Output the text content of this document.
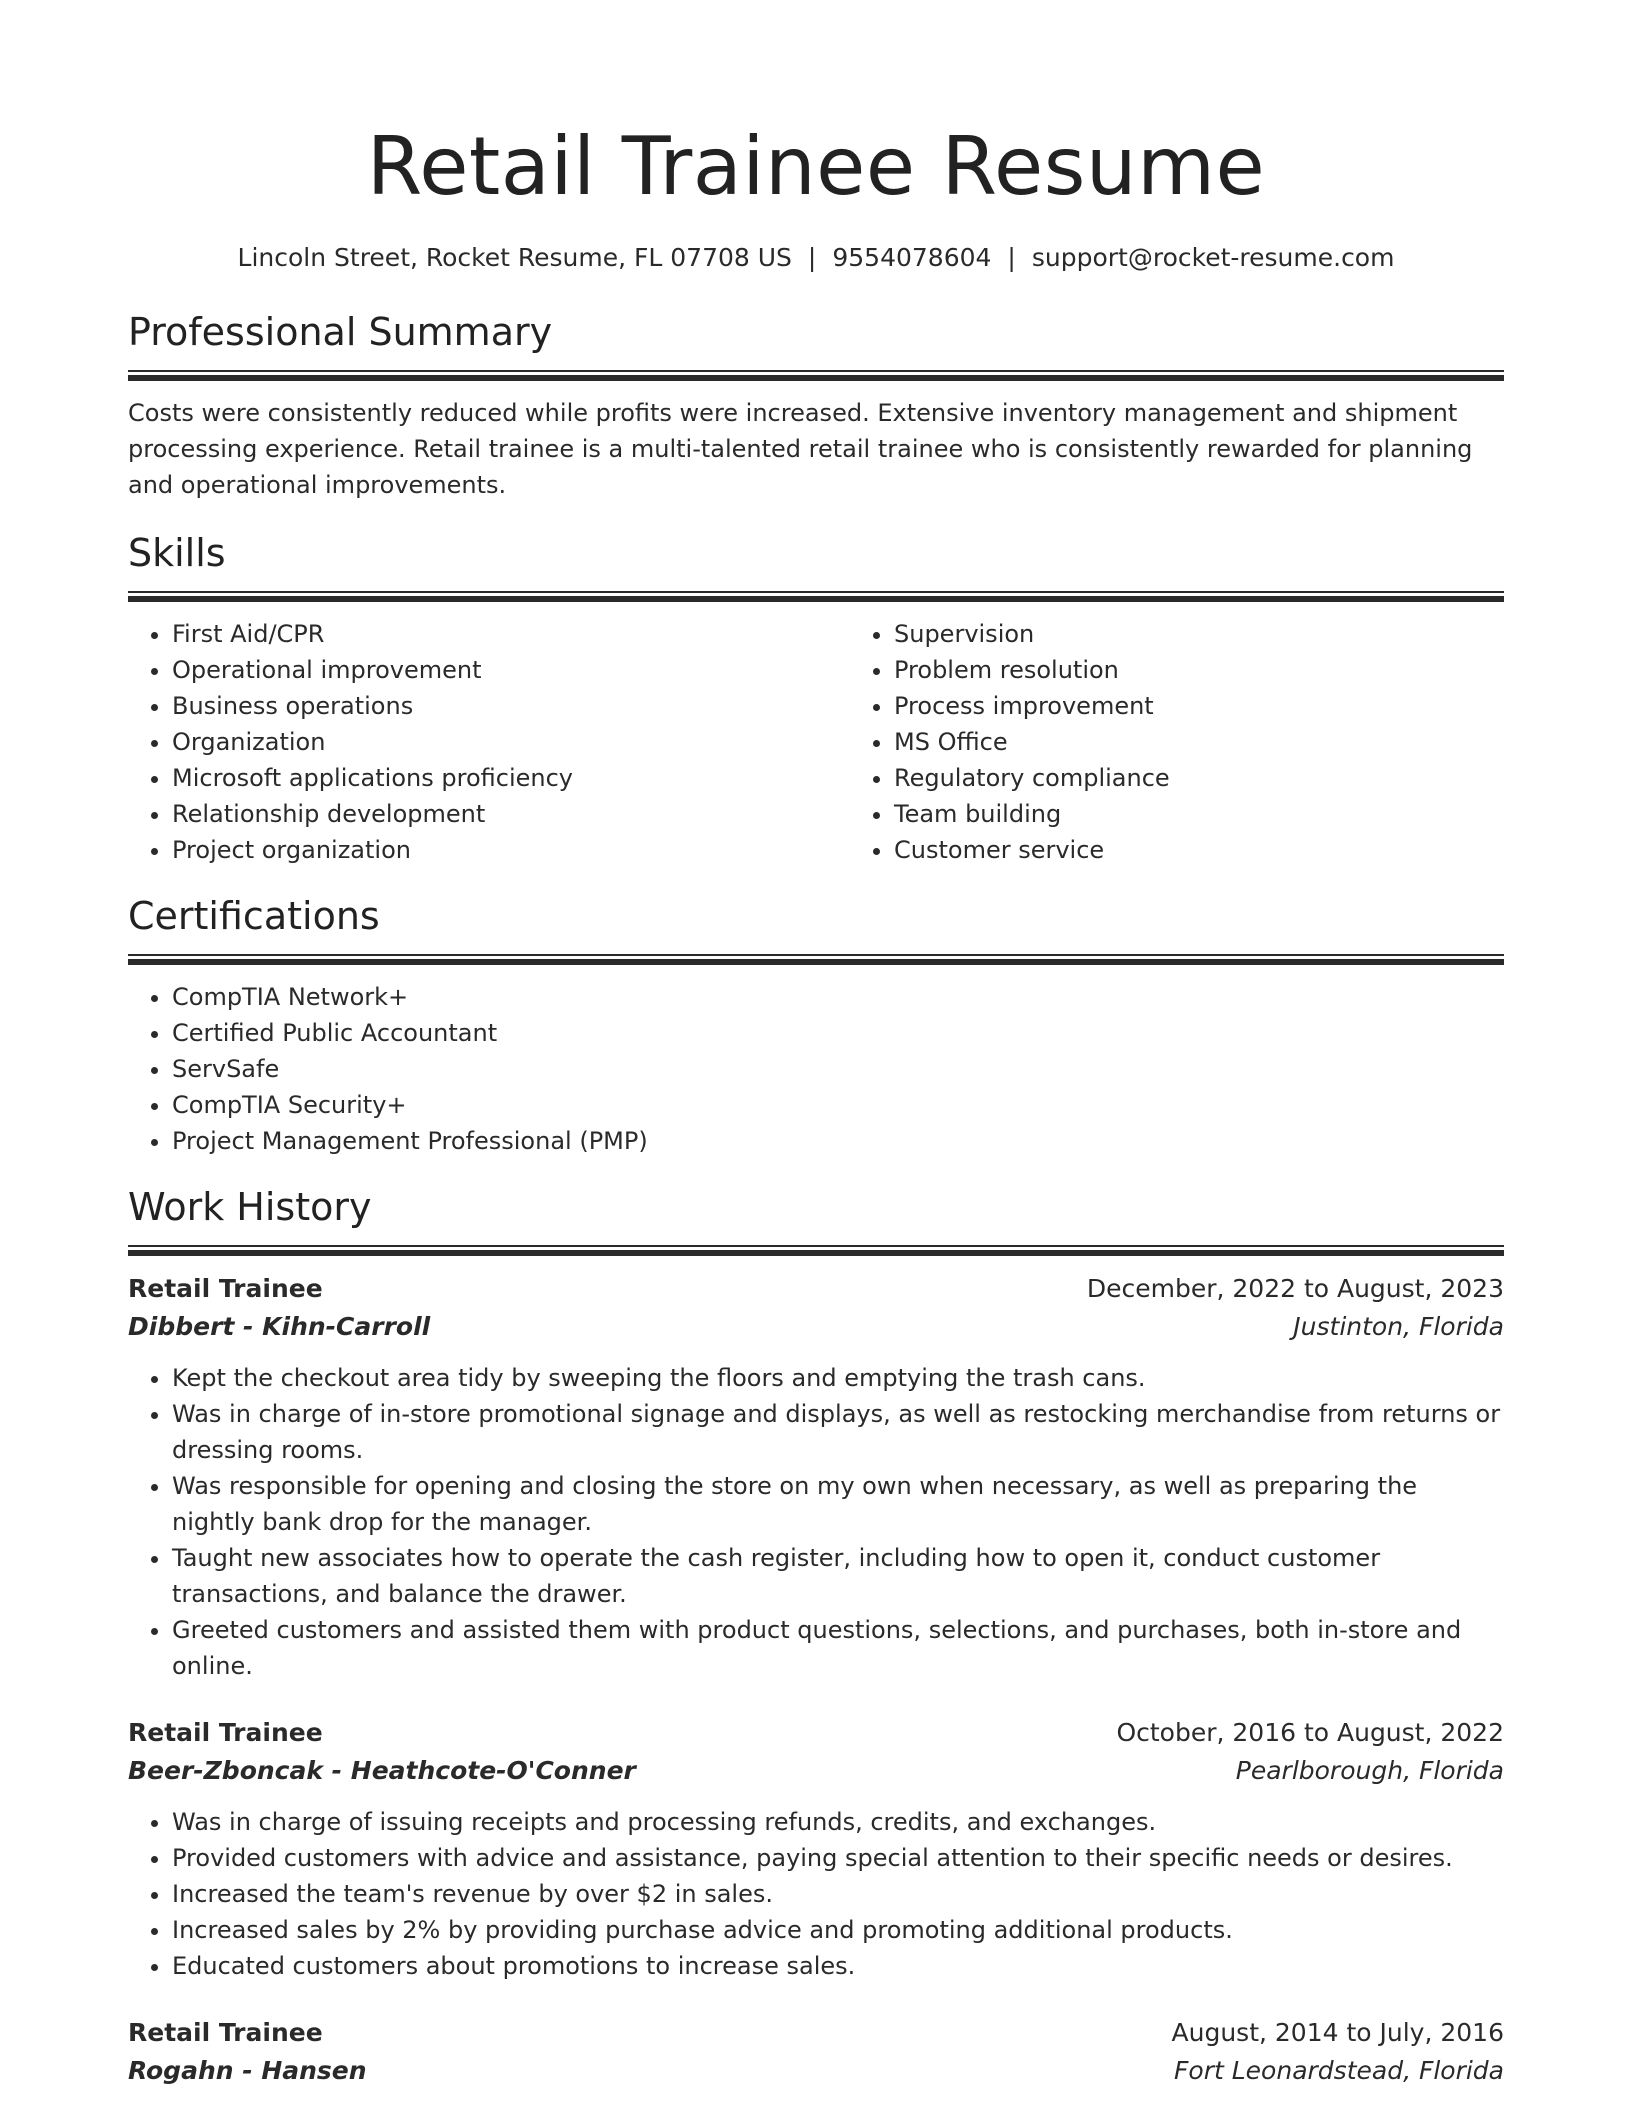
Retail Trainee Resume
Lincoln Street, Rocket Resume, FL 07708 US | 9554078604 | support@rocket-resume.com
Professional Summary
Costs were consistently reduced while profits were increased. Extensive inventory management and shipment processing experience. Retail trainee is a multi-talented retail trainee who is consistently rewarded for planning and operational improvements.
Skills
• First Aid/CPR
• Operational improvement
• Business operations
• Organization
• Microsoft applications proficiency
• Relationship development
• Project organization
• Supervision
• Problem resolution
• Process improvement
• MS Office
• Regulatory compliance
• Team building
• Customer service
Certifications
• CompTIA Network+
• Certified Public Accountant
• ServSafe
• CompTIA Security+
• Project Management Professional (PMP)
Work History
Retail Trainee	December, 2022 to August, 2023
Dibbert - Kihn-Carroll	Justinton, Florida
• Kept the checkout area tidy by sweeping the floors and emptying the trash cans.
• Was in charge of in-store promotional signage and displays, as well as restocking merchandise from returns or dressing rooms.
• Was responsible for opening and closing the store on my own when necessary, as well as preparing the nightly bank drop for the manager.
• Taught new associates how to operate the cash register, including how to open it, conduct customer transactions, and balance the drawer.
• Greeted customers and assisted them with product questions, selections, and purchases, both in-store and online.
Retail Trainee	October, 2016 to August, 2022
Beer-Zboncak - Heathcote-O'Conner	Pearlborough, Florida
• Was in charge of issuing receipts and processing refunds, credits, and exchanges.
• Provided customers with advice and assistance, paying special attention to their specific needs or desires.
• Increased the team's revenue by over $2 in sales.
• Increased sales by 2% by providing purchase advice and promoting additional products.
• Educated customers about promotions to increase sales.
Retail Trainee	August, 2014 to July, 2016
Rogahn - Hansen	Fort Leonardstead, Florida
